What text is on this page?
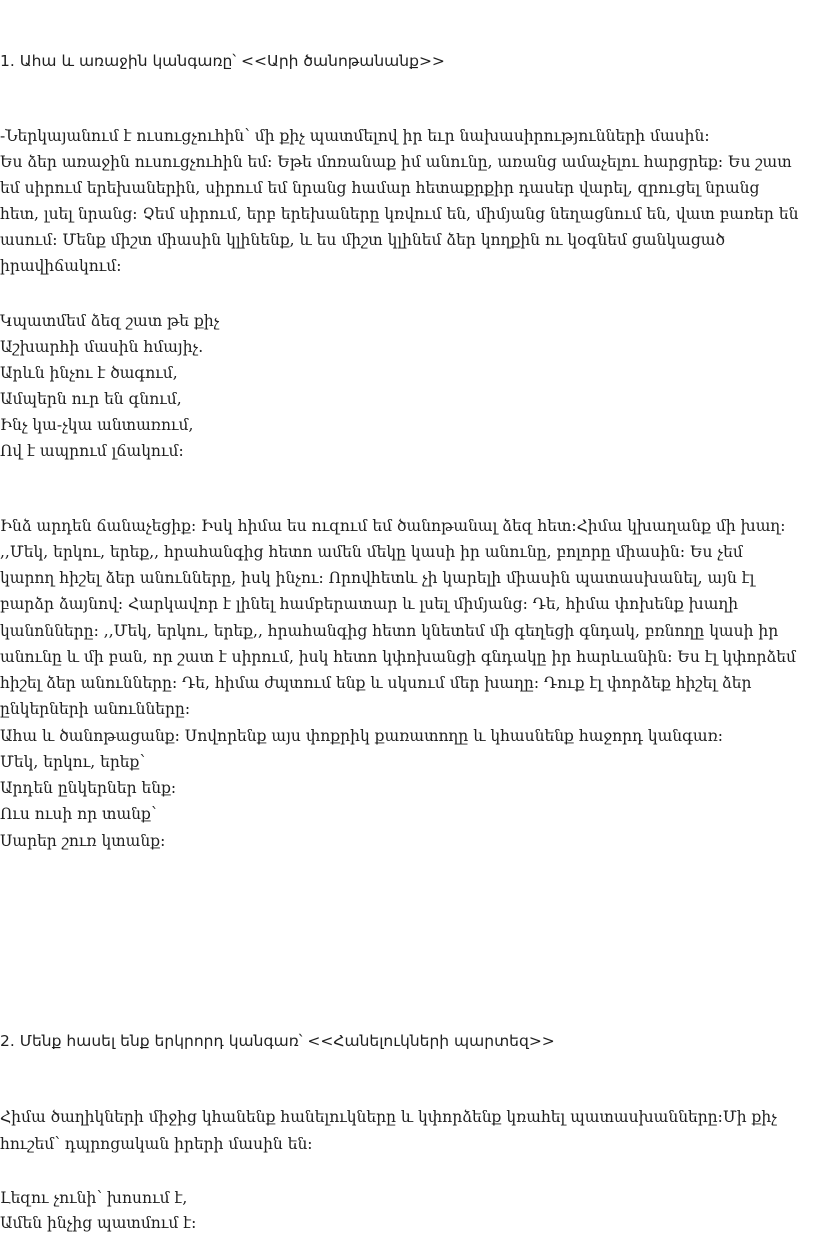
1. Ահա և առաջին կանգառը՝ <<Արի ծանոթանանք>>
-Ներկայանում է ուսուցչուհին՝ մի քիչ պատմելով իր եւր նախասիրությունների մասին:
Ես ձեր առաջին ուսուցչուհին եմ: Եթե մոռանաք իմ անունը, առանց ամաչելու հարցրեք: Ես շատ
եմ սիրում երեխաներին, սիրում եմ նրանց համար հետաքրքիր դասեր վարել, զրուցել նրանց
հետ, լսել նրանց: Չեմ սիրում, երբ երեխաները կռվում են, միմյանց նեղացնում են, վատ բառեր են
ասում: Մենք միշտ միասին կլինենք, և ես միշտ կլինեմ ձեր կողքին ու կօգնեմ ցանկացած
իրավիճակում:
Կպատմեմ ձեզ շատ թե քիչ
Աշխարհի մասին հմայիչ.
Արևն ինչու է ծագում,
Ամպերն ուր են գնում,
Ինչ կա-չկա անտառում,
Ով է ապրում լճակում:
Ինձ արդեն ճանաչեցիք: Իսկ հիմա ես ուզում եմ ծանոթանալ ձեզ հետ:Հիմա կխաղանք մի խաղ:
,,Մեկ, երկու, երեք,, հրահանգից հետո ամեն մեկը կասի իր անունը, բոլորը միասին: Ես չեմ
կարող հիշել ձեր անունները, իսկ ինչու: Որովհետև չի կարելի միասին պատասխանել, այն էլ
բարձր ձայնով: Հարկավոր է լինել համբերատար և լսել միմյանց: Դե, հիմա փոխենք խաղի
կանոնները: ,,Մեկ, երկու, երեք,, հրահանգից հետո կնետեմ մի գեղեցի գնդակ, բռնողը կասի իր
անունը և մի բան, որ շատ է սիրում, իսկ հետո կփոխանցի գնդակը իր հարևանին: Ես էլ կփորձեմ
հիշել ձեր անունները: Դե, հիմա ժպտում ենք և սկսում մեր խաղը: Դուք էլ փորձեք հիշել ձեր
ընկերների անունները:
Ահա և ծանոթացանք: Սովորենք այս փոքրիկ քառատողը և կհասնենք հաջորդ կանգառ:
Մեկ, երկու, երեք՝
Արդեն ընկերներ ենք:
Ուս ուսի որ տանք՝
Սարեր շուռ կտանք:
2. Մենք հասել ենք երկրորդ կանգառ՝ <<Հանելուկների պարտեզ>>
Հիմա ծաղիկների միջից կհանենք հանելուկները և կփորձենք կռահել պատասխանները:Մի քիչ
հուշեմ՝ դպրոցական իրերի մասին են:
Լեզու չունի՝ խոսում է,
Ամեն ինչից պատմում է:
